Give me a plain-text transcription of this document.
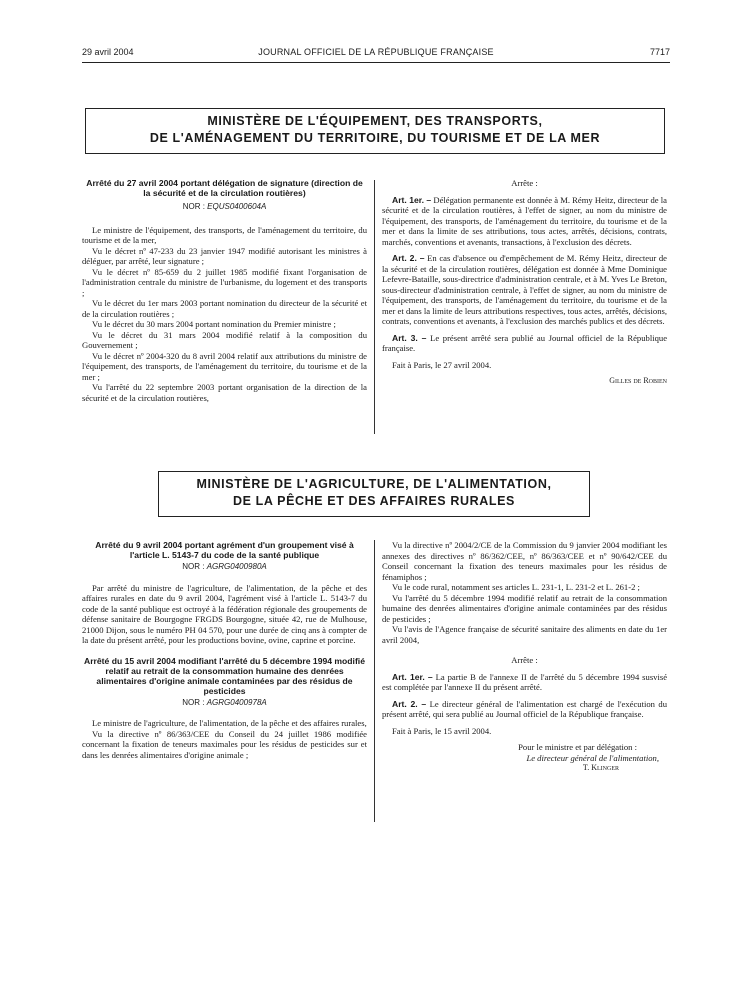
29 avril 2004	JOURNAL OFFICIEL DE LA RÉPUBLIQUE FRANÇAISE	7717
MINISTÈRE DE L'ÉQUIPEMENT, DES TRANSPORTS,
DE L'AMÉNAGEMENT DU TERRITOIRE, DU TOURISME ET DE LA MER

Arrêté du 27 avril 2004 portant délégation de signature (direction de la sécurité et de la circulation routières)

NOR : EQUS0400604A

Le ministre de l'équipement, des transports, de l'aménagement du territoire, du tourisme et de la mer,

Vu le décret nº 47-233 du 23 janvier 1947 modifié autorisant les ministres à déléguer, par arrêté, leur signature ;

Vu le décret nº 85-659 du 2 juillet 1985 modifié fixant l'organisation de l'administration centrale du ministre de l'urbanisme, du logement et des transports ;

Vu le décret du 1er mars 2003 portant nomination du directeur de la sécurité et de la circulation routières ;

Vu le décret du 30 mars 2004 portant nomination du Premier ministre ;

Vu le décret du 31 mars 2004 modifié relatif à la composition du Gouvernement ;

Vu le décret nº 2004-320 du 8 avril 2004 relatif aux attributions du ministre de l'équipement, des transports, de l'aménagement du territoire, du tourisme et de la mer ;

Vu l'arrêté du 22 septembre 2003 portant organisation de la direction de la sécurité et de la circulation routières,

Arrête :

Art. 1er. – Délégation permanente est donnée à M. Rémy Heitz, directeur de la sécurité et de la circulation routières, à l'effet de signer, au nom du ministre de l'équipement, des transports, de l'aménagement du territoire, du tourisme et de la mer et dans la limite de ses attributions, tous actes, arrêtés, décisions, contrats, marchés, conventions et avenants, transactions, à l'exclusion des décrets.

Art. 2. – En cas d'absence ou d'empêchement de M. Rémy Heitz, directeur de la sécurité et de la circulation routières, délégation est donnée à Mme Dominique Lefevre-Bataille, sous-directrice d'administration centrale, et à M. Yves Le Breton, sous-directeur d'administration centrale, à l'effet de signer, au nom du ministre de l'équipement, des transports, de l'aménagement du territoire, du tourisme et de la mer et dans la limite de leurs attributions respectives, tous actes, arrêtés, décisions, contrats, conventions et avenants, à l'exclusion des marchés publics et des décrets.

Art. 3. – Le présent arrêté sera publié au Journal officiel de la République française.

Fait à Paris, le 27 avril 2004.

Gilles de Robien

MINISTÈRE DE L'AGRICULTURE, DE L'ALIMENTATION,
DE LA PÊCHE ET DES AFFAIRES RURALES

Arrêté du 9 avril 2004 portant agrément d'un groupement visé à l'article L. 5143-7 du code de la santé publique

NOR : AGRG0400980A

Par arrêté du ministre de l'agriculture, de l'alimentation, de la pêche et des affaires rurales en date du 9 avril 2004, l'agrément visé à l'article L. 5143-7 du code de la santé publique est octroyé à la fédération régionale des groupements de défense sanitaire de Bourgogne FRGDS Bourgogne, située 42, rue de Mulhouse, 21000 Dijon, sous le numéro PH 04 570, pour une durée de cinq ans à compter de la date du présent arrêté, pour les productions bovine, ovine, caprine et porcine.

Arrêté du 15 avril 2004 modifiant l'arrêté du 5 décembre 1994 modifié relatif au retrait de la consommation humaine des denrées alimentaires d'origine animale contaminées par des résidus de pesticides

NOR : AGRG0400978A

Le ministre de l'agriculture, de l'alimentation, de la pêche et des affaires rurales,

Vu la directive nº 86/363/CEE du Conseil du 24 juillet 1986 modifiée concernant la fixation de teneurs maximales pour les résidus de pesticides sur et dans les denrées alimentaires d'origine animale ;

Vu la directive nº 2004/2/CE de la Commission du 9 janvier 2004 modifiant les annexes des directives nº 86/362/CEE, nº 86/363/CEE et nº 90/642/CEE du Conseil concernant la fixation des teneurs maximales pour les résidus de fénamiphos ;

Vu le code rural, notamment ses articles L. 231-1, L. 231-2 et L. 261-2 ;

Vu l'arrêté du 5 décembre 1994 modifié relatif au retrait de la consommation humaine des denrées alimentaires d'origine animale contaminées par des résidus de pesticides ;

Vu l'avis de l'Agence française de sécurité sanitaire des aliments en date du 1er avril 2004,

Arrête :

Art. 1er. – La partie B de l'annexe II de l'arrêté du 5 décembre 1994 susvisé est complétée par l'annexe II du présent arrêté.

Art. 2. – Le directeur général de l'alimentation est chargé de l'exécution du présent arrêté, qui sera publié au Journal officiel de la République française.

Fait à Paris, le 15 avril 2004.

Pour le ministre et par délégation :

Le directeur général de l'alimentation,

T. Klinger
